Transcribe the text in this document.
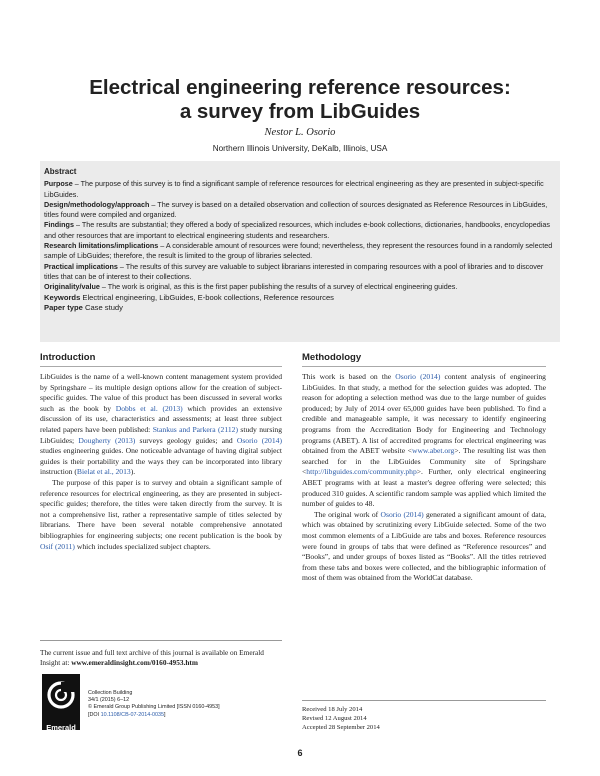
Electrical engineering reference resources:
a survey from LibGuides
Nestor L. Osorio
Northern Illinois University, DeKalb, Illinois, USA
Abstract

Purpose – The purpose of this survey is to find a significant sample of reference resources for electrical engineering as they are presented in subject-specific LibGuides.

Design/methodology/approach – The survey is based on a detailed observation and collection of sources designated as Reference Resources in LibGuides, titles found were compiled and organized.

Findings – The results are substantial; they offered a body of specialized resources, which includes e-book collections, dictionaries, handbooks, encyclopedias and other resources that are important to electrical engineering students and researchers.

Research limitations/implications – A considerable amount of resources were found; nevertheless, they represent the resources found in a randomly selected sample of LibGuides; therefore, the result is limited to the group of libraries selected.

Practical implications – The results of this survey are valuable to subject librarians interested in comparing resources with a pool of libraries and to discover titles that can be of interest to their collections.

Originality/value – The work is original, as this is the first paper publishing the results of a survey of electrical engineering guides.

Keywords Electrical engineering, LibGuides, E-book collections, Reference resources

Paper type Case study

Introduction

LibGuides is the name of a well-known content management system provided by Springshare – its multiple design options allow for the creation of subject-specific guides. The value of this product has been discussed in several works such as the book by Dobbs et al. (2013) which provides an extensive discussion of its use, characteristics and assessments; at least three subject related papers have been published: Stankus and Parkera (2112) study nursing LibGuides; Dougherty (2013) surveys geology guides; and Osorio (2014) studies engineering guides. One noticeable advantage of having digital subject guides is their portability and the ways they can be incorporated into library instruction (Bielat et al., 2013).

The purpose of this paper is to survey and obtain a significant sample of reference resources for electrical engineering, as they are presented in subject-specific guides; therefore, the titles were taken directly from the survey. It is not a comprehensive list, rather a representative sample of titles selected by librarians. There have been several notable comprehensive annotated bibliographies for engineering subjects; one recent publication is the book by Osif (2011) which includes specialized subject chapters.

The current issue and full text archive of this journal is available on Emerald Insight at: www.emeraldinsight.com/0160-4953.htm
Emerald
Collection Building
34/1 (2015) 6–12
© Emerald Group Publishing Limited [ISSN 0160-4953]
[DOI 10.1108/CB-07-2014-0035]
Methodology

This work is based on the Osorio (2014) content analysis of engineering LibGuides. In that study, a method for the selection guides was adopted. The reason for adopting a selection method was due to the large number of guides produced; by July of 2014 over 65,000 guides have been published. To find a credible and manageable sample, it was necessary to identify engineering programs from the Accreditation Body for Engineering and Technology programs (ABET). A list of accredited programs for electrical engineering was obtained from the ABET website <www.abet.org>. The resulting list was then searched for in the LibGuides Community site of Springshare <http://libguides.com/community.php>. Further, only electrical engineering ABET programs with at least a master's degree offering were selected; this produced 310 guides. A scientific random sample was applied which limited the number of guides to 48.

The original work of Osorio (2014) generated a significant amount of data, which was obtained by scrutinizing every LibGuide selected. Some of the two most common elements of a LibGuide are tabs and boxes. Reference resources were found in groups of tabs that were defined as “Reference resources” and “Books”, and under groups of boxes listed as “Books”. All the titles retrieved from these tabs and boxes were collected, and the bibliographic information of most of them was obtained from the WorldCat database.

Received 18 July 2014
Revised 12 August 2014
Accepted 28 September 2014
6
